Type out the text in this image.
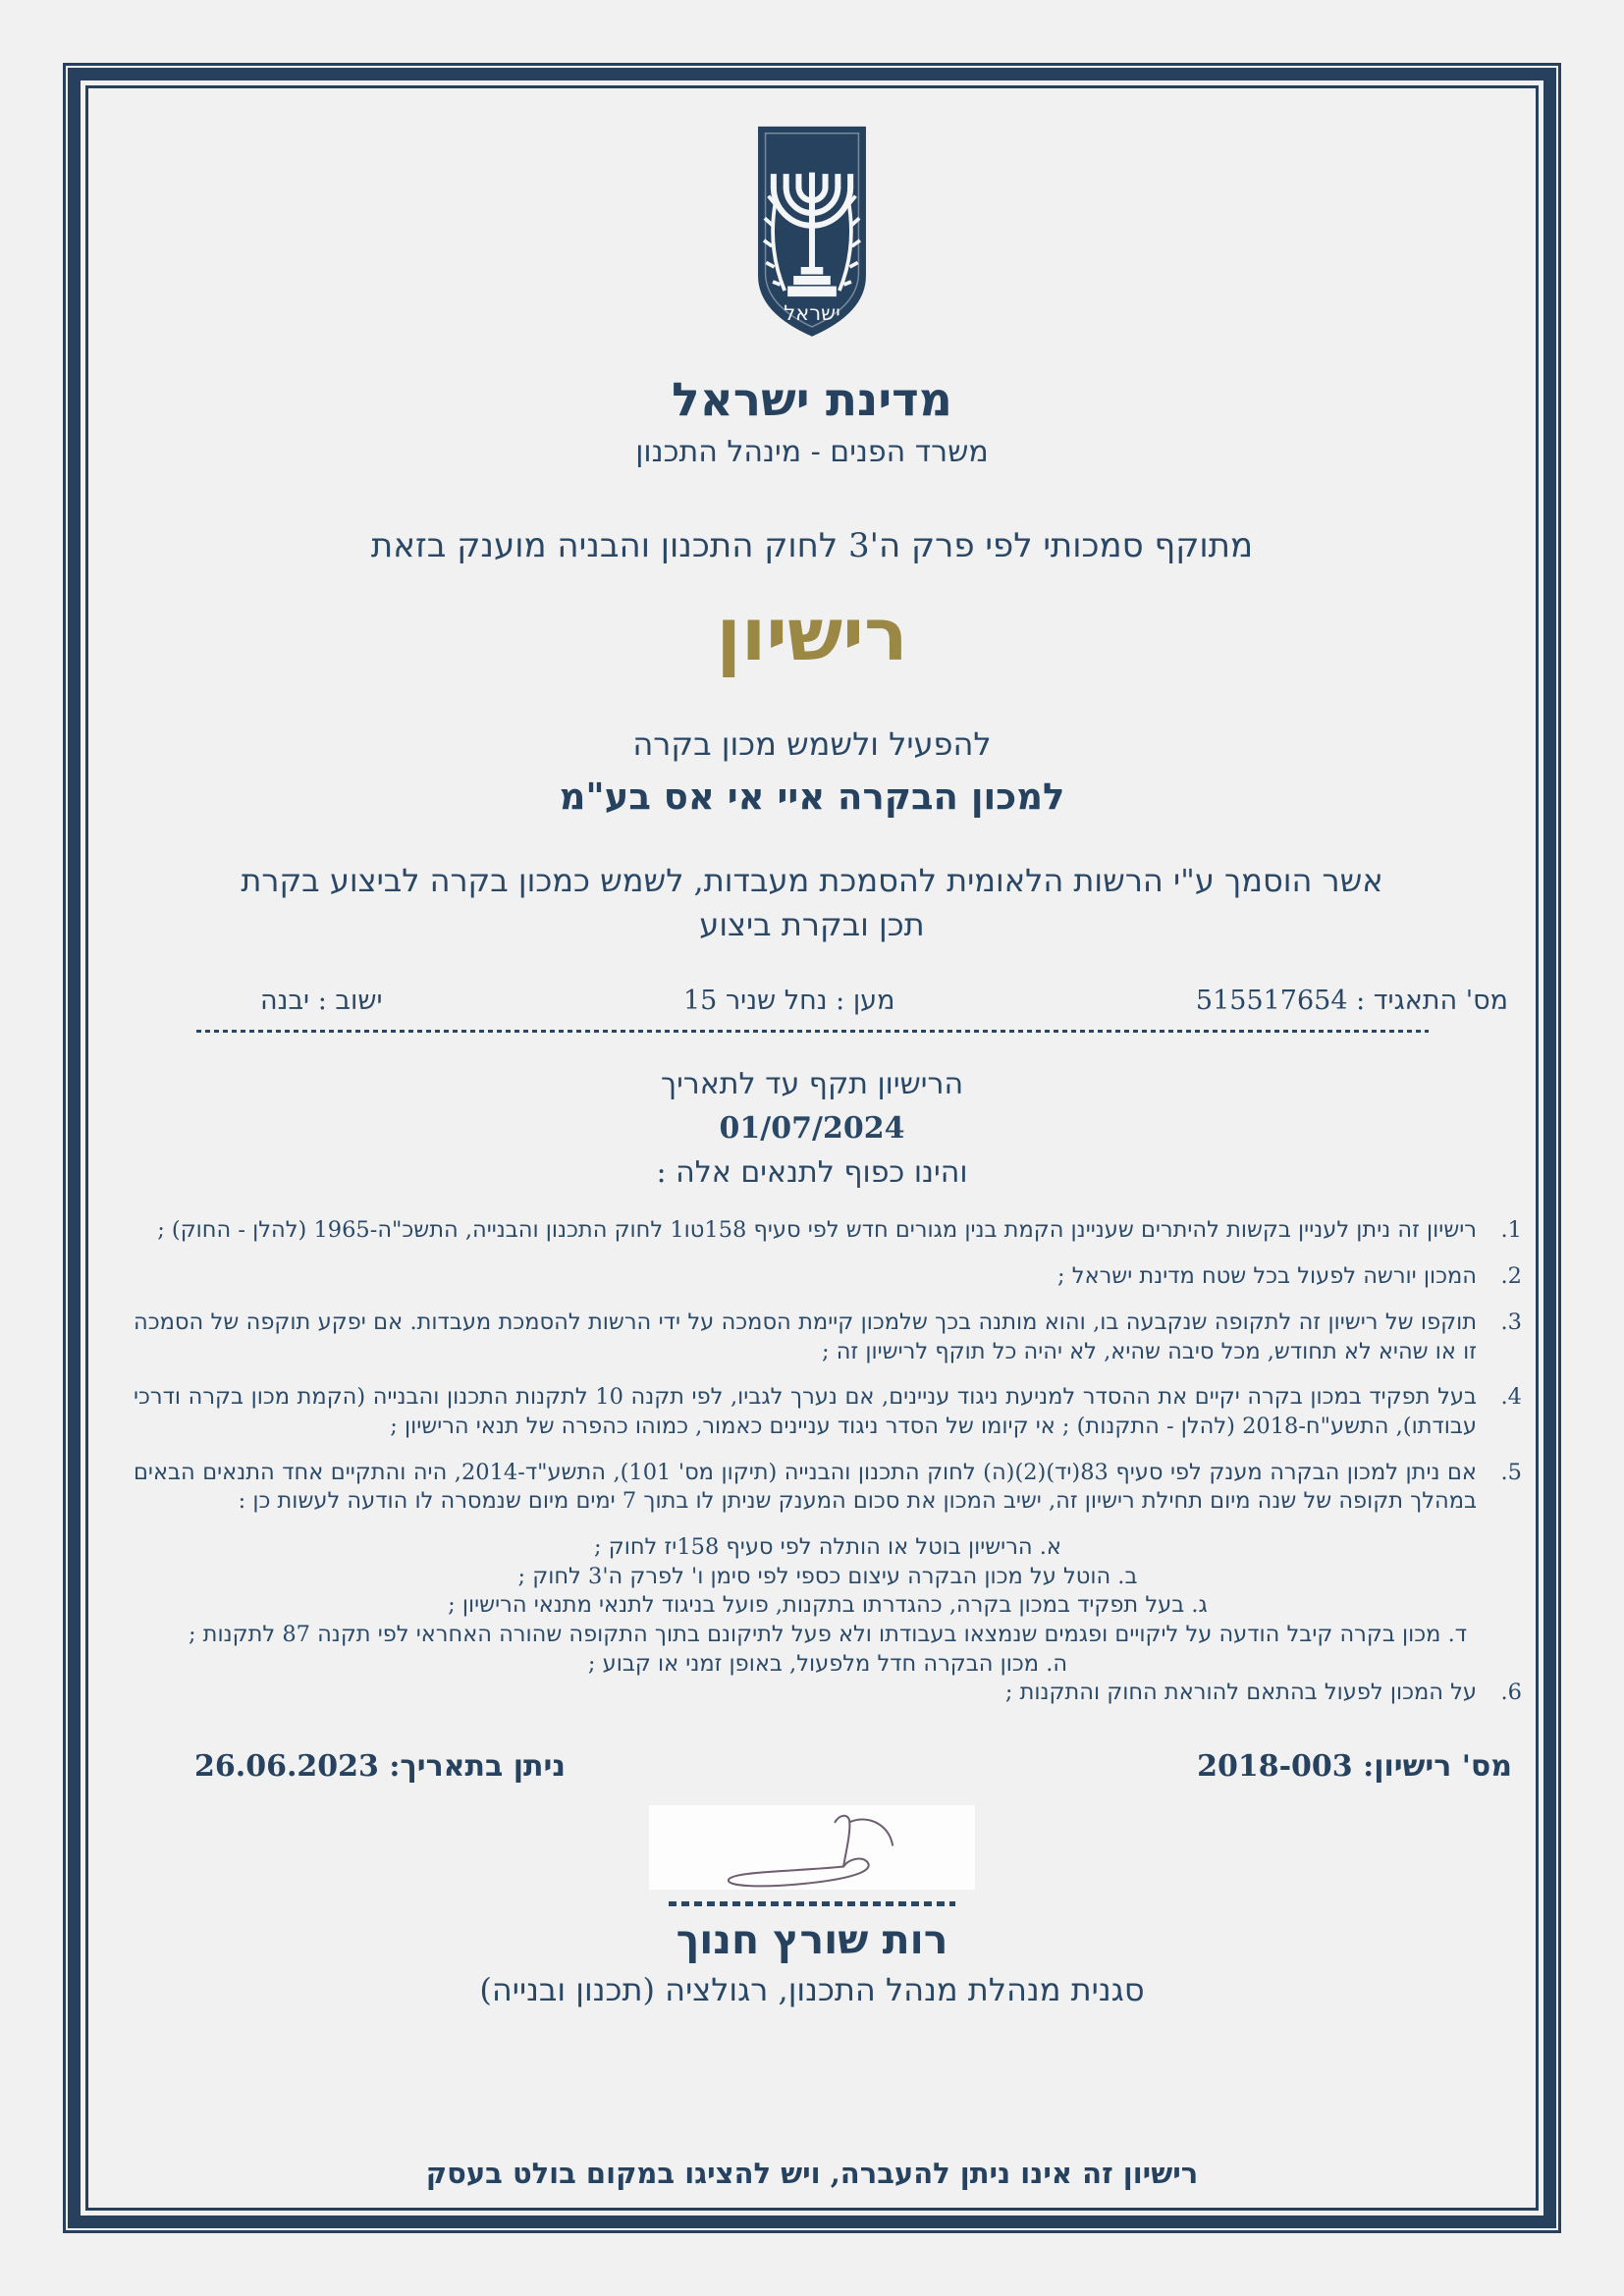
ישראל
מדינת ישראל
משרד הפנים - מינהל התכנון
מתוקף סמכותי לפי פרק ה'3 לחוק התכנון והבניה מוענק בזאת
רישיון
להפעיל ולשמש מכון בקרה
למכון הבקרה איי אי אס בע"מ
אשר הוסמך ע"י הרשות הלאומית להסמכת מעבדות, לשמש כמכון בקרה לביצוע בקרת תכן ובקרת ביצוע
מס' התאגיד : 515517654
מען : נחל שניר 15
ישוב : יבנה
הרישיון תקף עד לתאריך
01/07/2024
והינו כפוף לתנאים אלה :
1.

רישיון זה ניתן לעניין בקשות להיתרים שעניינן הקמת בנין מגורים חדש לפי סעיף 158טו1 לחוק התכנון והבנייה, התשכ"ה-1965 (להלן - החוק) ;

2.

המכון יורשה לפעול בכל שטח מדינת ישראל ;

3.

תוקפו של רישיון זה לתקופה שנקבעה בו, והוא מותנה בכך שלמכון קיימת הסמכה על ידי הרשות להסמכת מעבדות. אם יפקע תוקפה של הסמכה זו או שהיא לא תחודש, מכל סיבה שהיא, לא יהיה כל תוקף לרישיון זה ;

4.

בעל תפקיד במכון בקרה יקיים את ההסדר למניעת ניגוד עניינים, אם נערך לגביו, לפי תקנה 10 לתקנות התכנון והבנייה (הקמת מכון בקרה ודרכי עבודתו), התשע"ח-2018 (להלן - התקנות) ; אי קיומו של הסדר ניגוד עניינים כאמור, כמוהו כהפרה של תנאי הרישיון ;

5.

אם ניתן למכון הבקרה מענק לפי סעיף 83(יד)(2)(ה) לחוק התכנון והבנייה (תיקון מס' 101), התשע"ד-2014, היה והתקיים אחד התנאים הבאים במהלך תקופה של שנה מיום תחילת רישיון זה, ישיב המכון את סכום המענק שניתן לו בתוך 7 ימים מיום שנמסרה לו הודעה לעשות כן :

א. הרישיון בוטל או הותלה לפי סעיף 158יז לחוק ;

ב. הוטל על מכון הבקרה עיצום כספי לפי סימן ו' לפרק ה'3 לחוק ;

ג. בעל תפקיד במכון בקרה, כהגדרתו בתקנות, פועל בניגוד לתנאי מתנאי הרישיון ;

ד. מכון בקרה קיבל הודעה על ליקויים ופגמים שנמצאו בעבודתו ולא פעל לתיקונם בתוך התקופה שהורה האחראי לפי תקנה 87 לתקנות ;

ה. מכון הבקרה חדל מלפעול, באופן זמני או קבוע ;

6.

על המכון לפעול בהתאם להוראת החוק והתקנות ;

מס' רישיון: 2018-003
ניתן בתאריך: 26.06.2023
רות שורץ חנוך
סגנית מנהלת מנהל התכנון, רגולציה (תכנון ובנייה)
רישיון זה אינו ניתן להעברה, ויש להציגו במקום בולט בעסק
